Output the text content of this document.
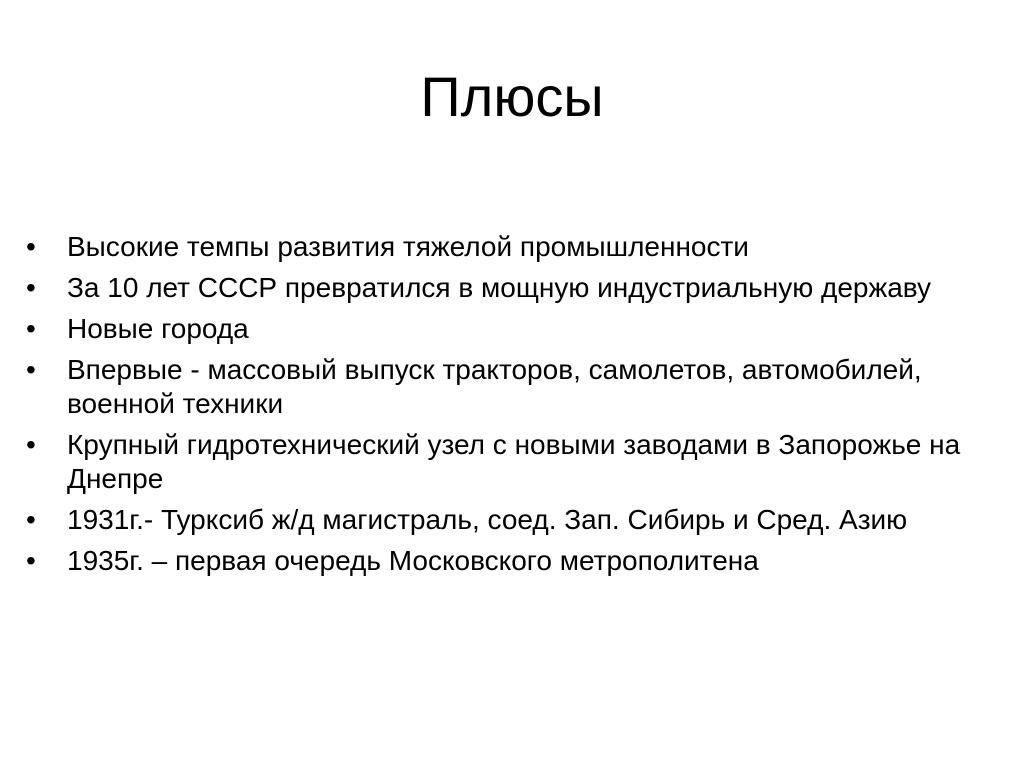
Плюсы
•	Высокие темпы развития тяжелой промышленности
•	За 10 лет СССР превратился в мощную индустриальную державу
•	Новые города
•	Впервые - массовый выпуск тракторов, самолетов, автомобилей, военной техники
•	Крупный гидротехнический узел с новыми заводами в Запорожье на Днепре
•	1931г.- Турксиб ж/д магистраль, соед. Зап. Сибирь и Сред. Азию
•	1935г. – первая очередь Московского метрополитена
